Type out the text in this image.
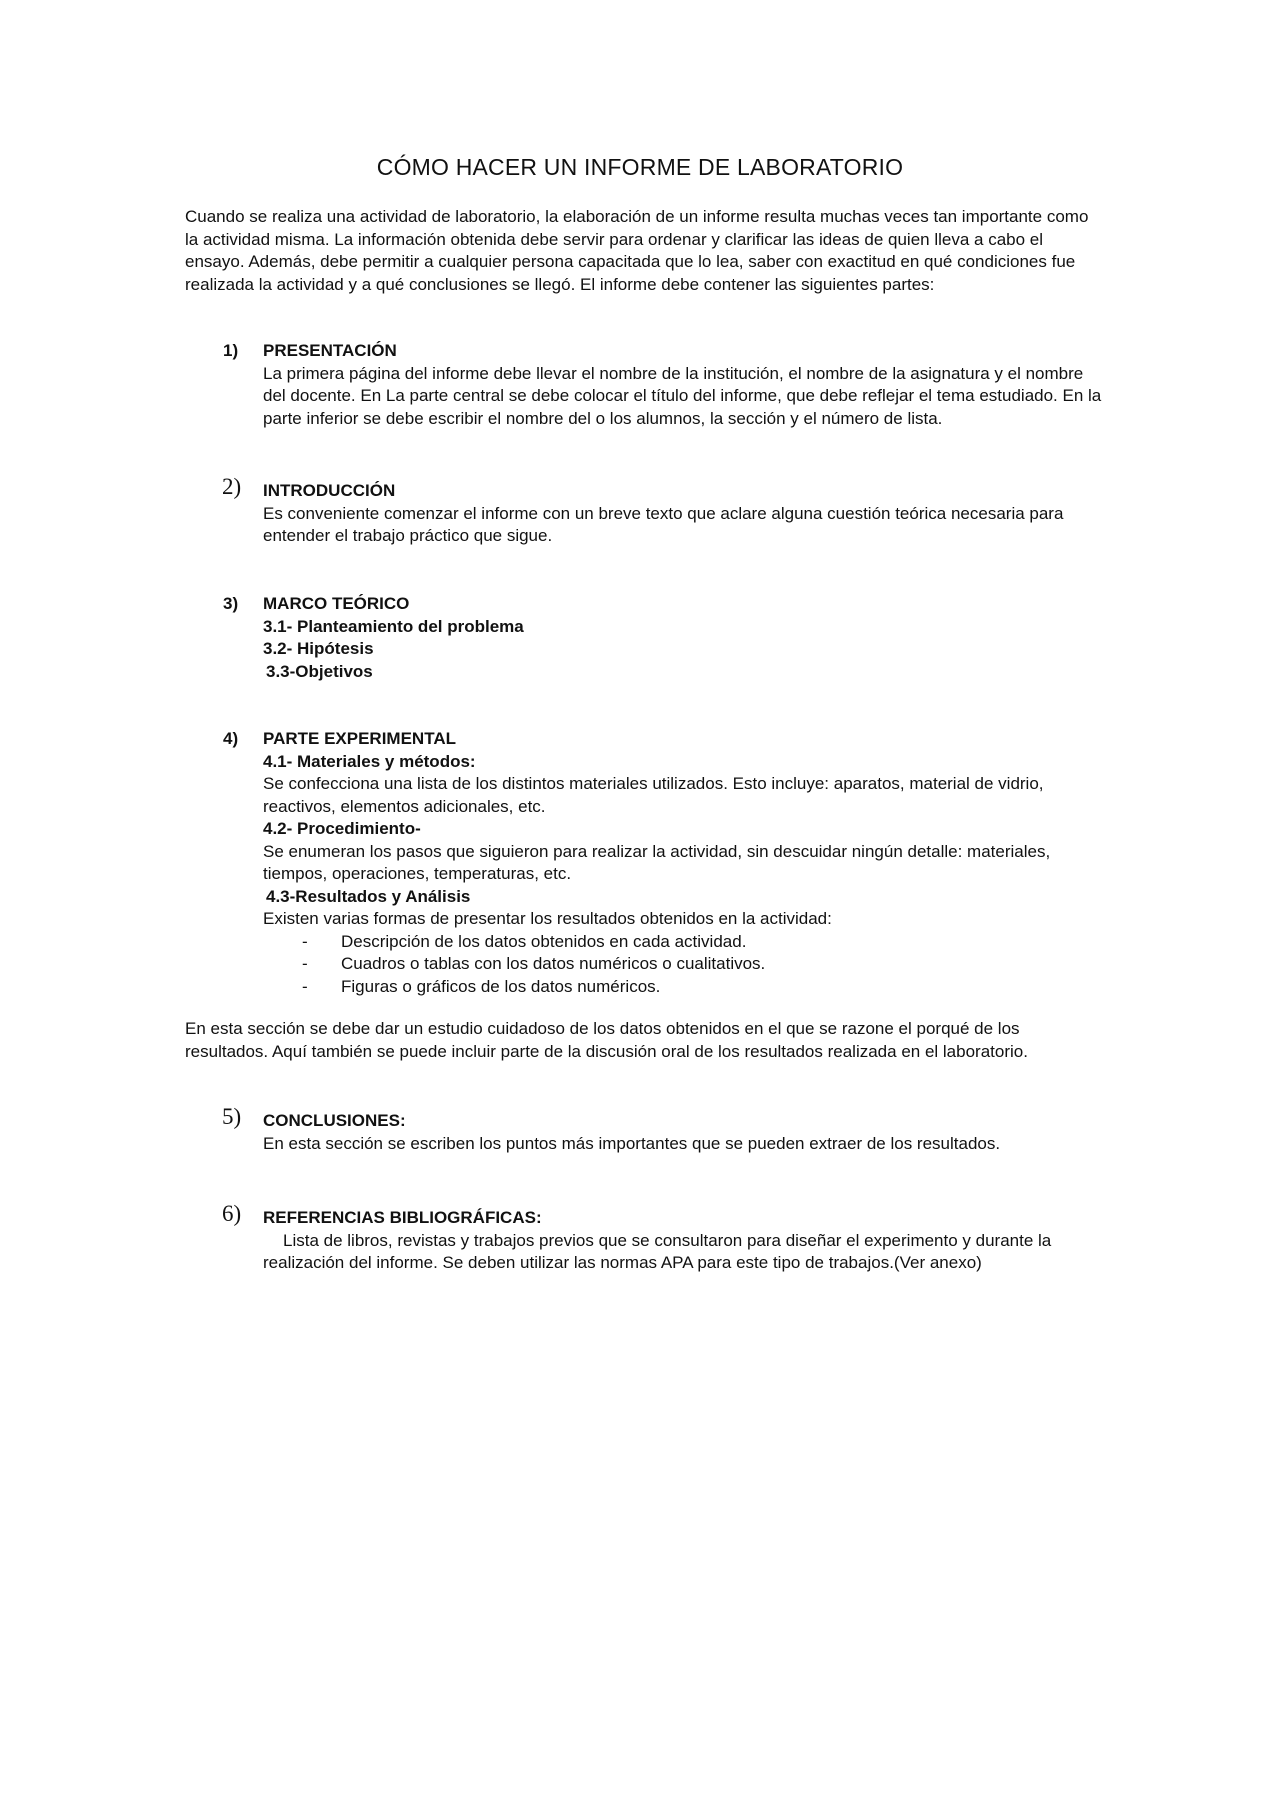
CÓMO HACER UN INFORME DE LABORATORIO

Cuando se realiza una actividad de laboratorio, la elaboración de un informe resulta muchas veces tan importante como la actividad misma. La información obtenida debe servir para ordenar y clarificar las ideas de quien lleva a cabo el ensayo. Además, debe permitir a cualquier persona capacitada que lo lea, saber con exactitud en qué condiciones fue realizada la actividad y a qué conclusiones se llegó. El informe debe contener las siguientes partes:

1) PRESENTACIÓN

La primera página del informe debe llevar el nombre de la institución, el nombre de la asignatura y el nombre del docente. En La parte central se debe colocar el título del informe, que debe reflejar el tema estudiado. En la parte inferior se debe escribir el nombre del o los alumnos, la sección y el número de lista.

2) INTRODUCCIÓN

Es conveniente comenzar el informe con un breve texto que aclare alguna cuestión teórica necesaria para entender el trabajo práctico que sigue.

3) MARCO TEÓRICO
3.1- Planteamiento del problema
3.2- Hipótesis
3.3-Objetivos
4) PARTE EXPERIMENTAL
4.1- Materiales y métodos:

Se confecciona una lista de los distintos materiales utilizados. Esto incluye: aparatos, material de vidrio, reactivos, elementos adicionales, etc.

4.2- Procedimiento-

Se enumeran los pasos que siguieron para realizar la actividad, sin descuidar ningún detalle: materiales, tiempos, operaciones, temperaturas, etc.

4.3-Resultados y Análisis

Existen varias formas de presentar los resultados obtenidos en la actividad:

- Descripción de los datos obtenidos en cada actividad.
- Cuadros o tablas con los datos numéricos o cualitativos.
- Figuras o gráficos de los datos numéricos.

En esta sección se debe dar un estudio cuidadoso de los datos obtenidos en el que se razone el porqué de los resultados. Aquí también se puede incluir parte de la discusión oral de los resultados realizada en el laboratorio.

5) CONCLUSIONES:

En esta sección se escriben los puntos más importantes que se pueden extraer de los resultados.

6) REFERENCIAS BIBLIOGRÁFICAS:

Lista de libros, revistas y trabajos previos que se consultaron para diseñar el experimento y durante la realización del informe. Se deben utilizar las normas APA para este tipo de trabajos.(Ver anexo)
